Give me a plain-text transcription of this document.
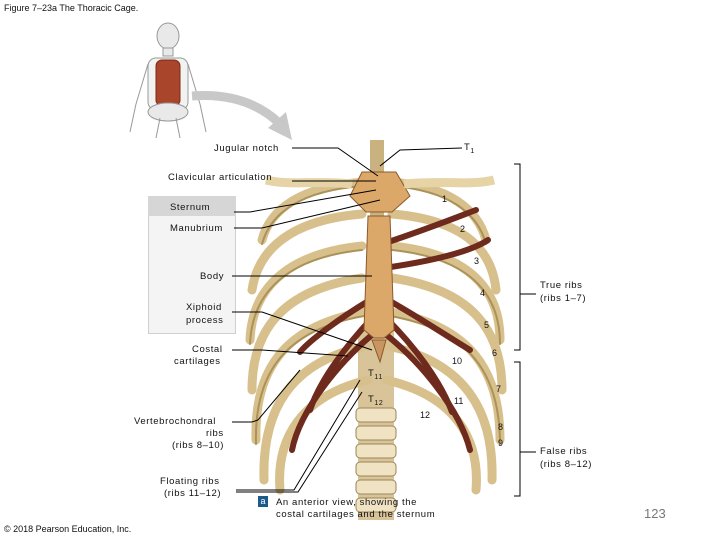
Figure 7–23a The Thoracic Cage.
Jugular notch	$T_1$
Clavicular articulation
Sternum
Manubrium
Body
Xiphoid
process
Costal
cartilages
Vertebrochondral
ribs
(ribs 8–10)
Floating ribs
(ribs 11–12)
True ribs
(ribs 1–7)
False ribs
(ribs 8–12)
$T_{11}$
$T_{12}$
1
2
3
4
5
6
7
8
9
10
11
12
a An anterior view, showing the
costal cartilages and the sternum
© 2018 Pearson Education, Inc.
123
